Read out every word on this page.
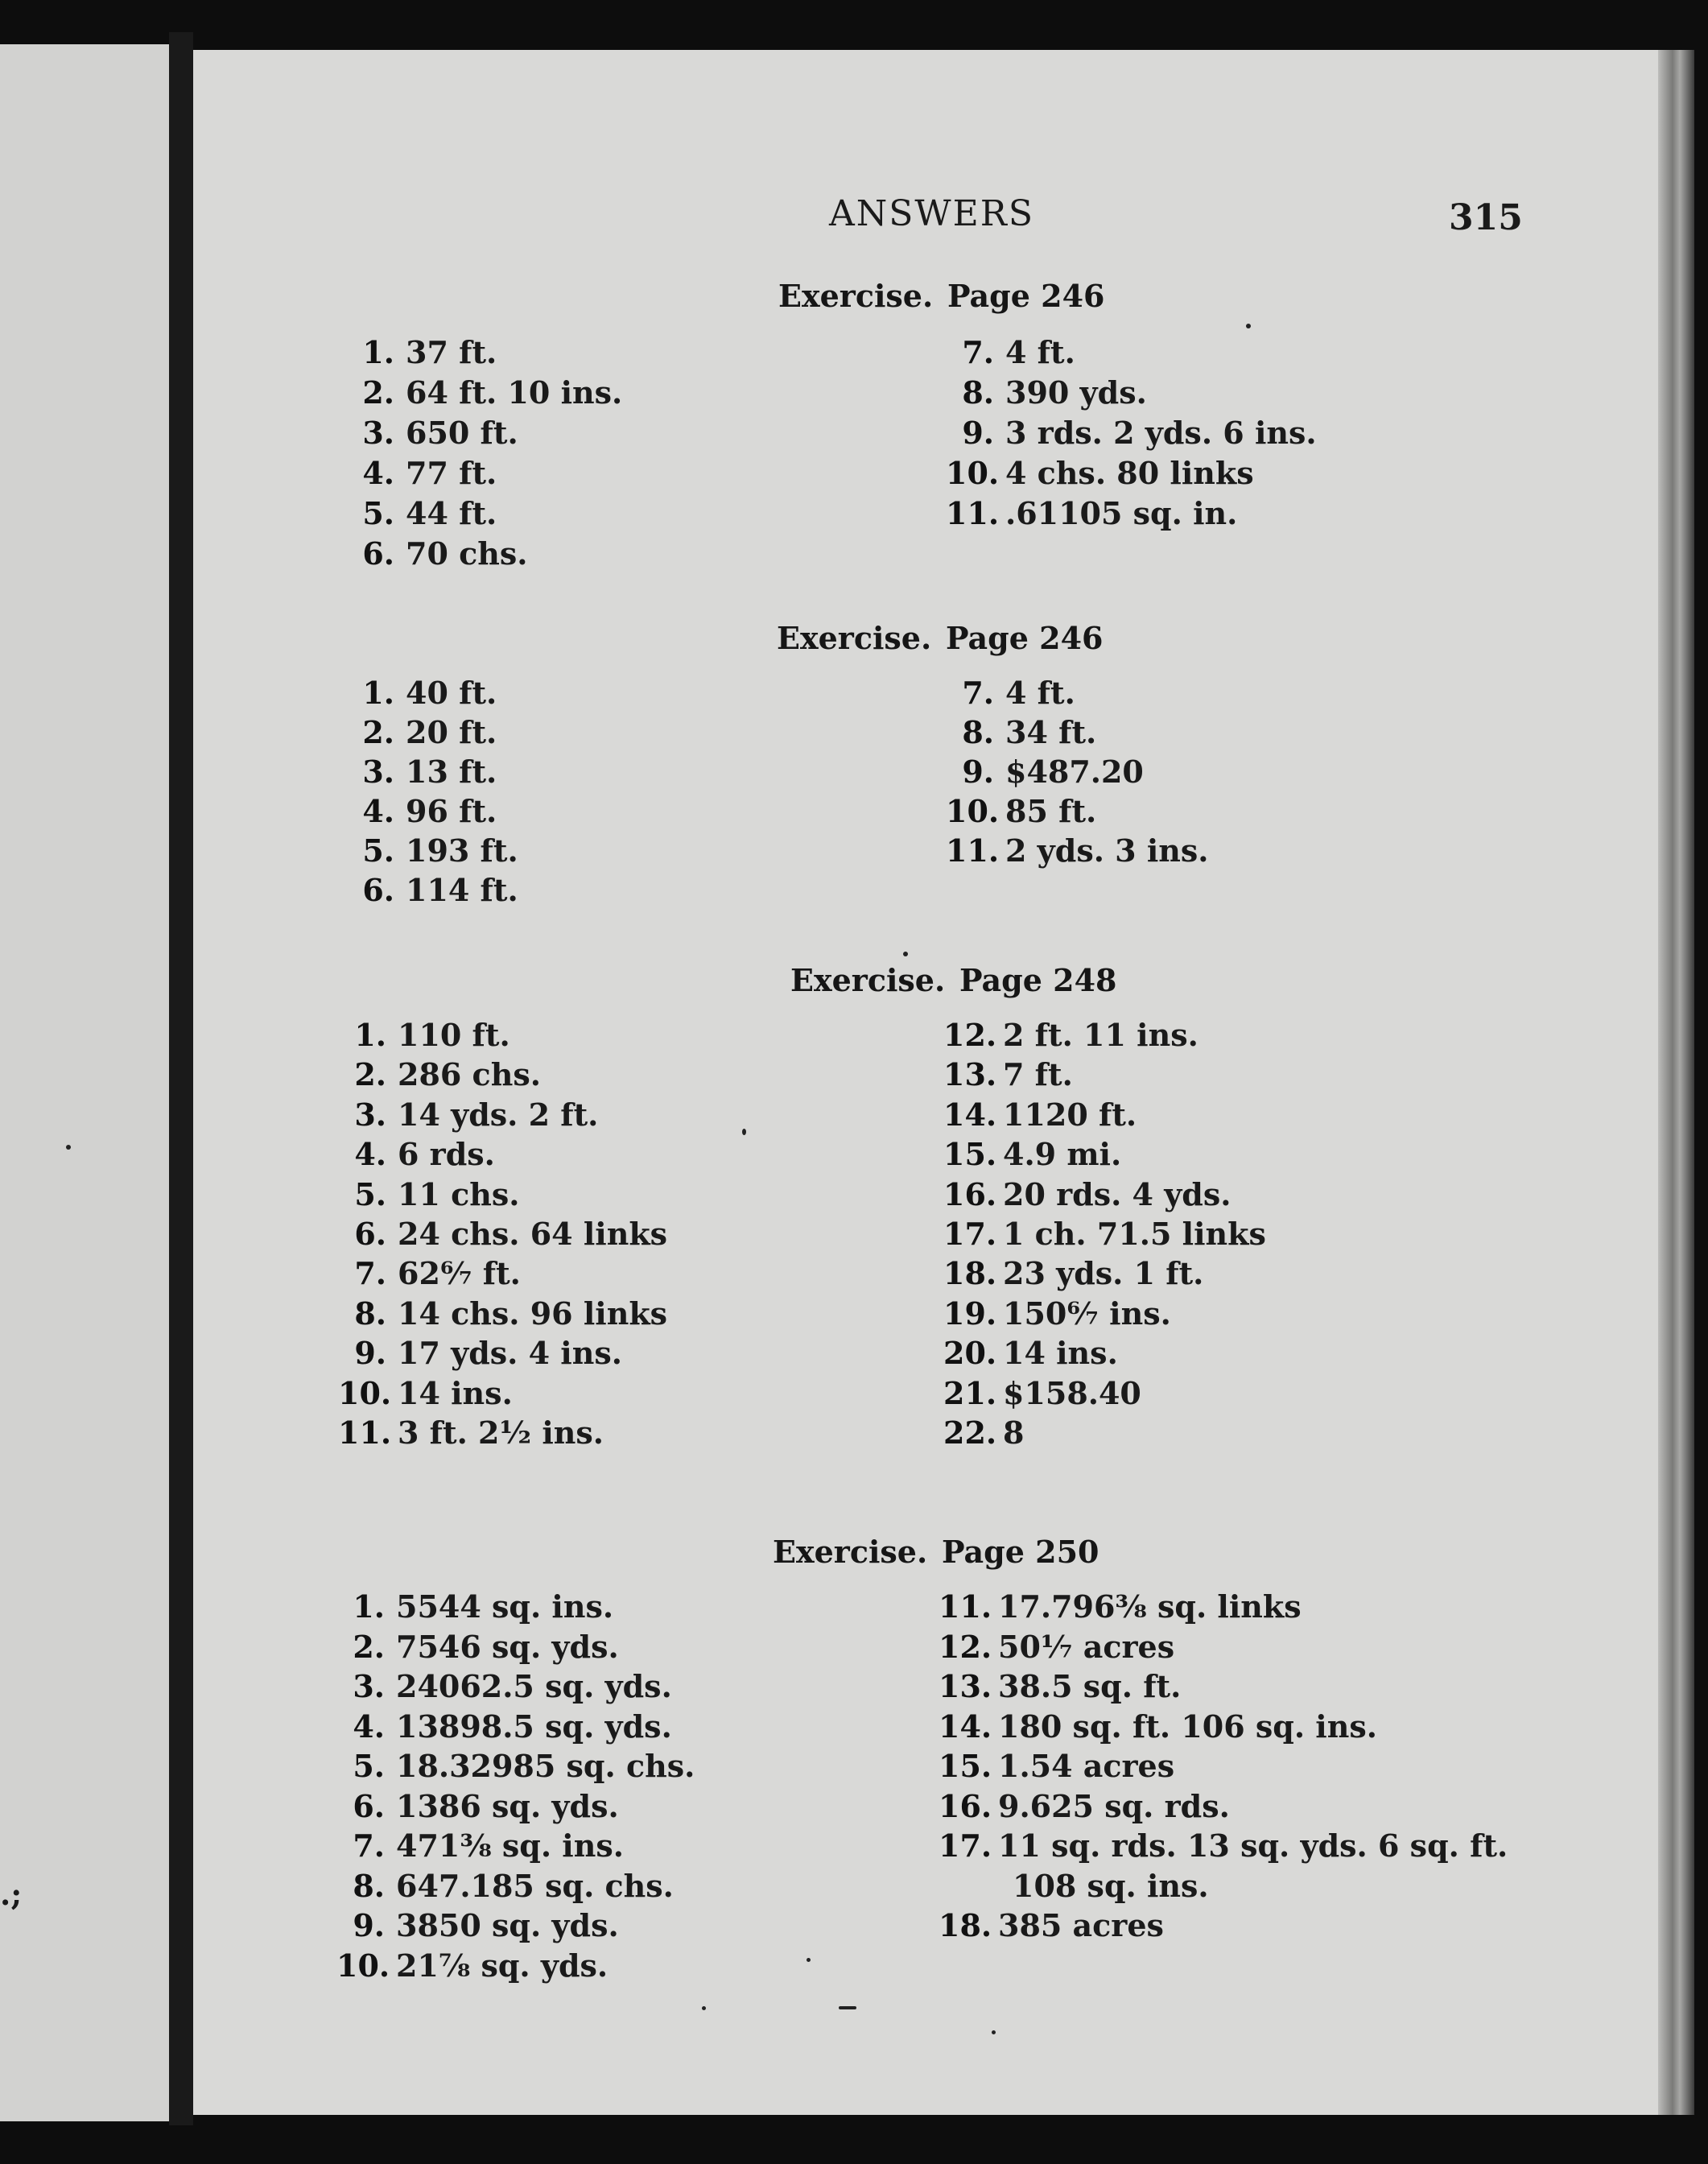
.;
ANSWERS	315
Exercise. Page 246
1. 37 ft.
2. 64 ft. 10 ins.
3. 650 ft.
4. 77 ft.
5. 44 ft.
6. 70 chs.
7. 4 ft.
8. 390 yds.
9. 3 rds. 2 yds. 6 ins.
10. 4 chs. 80 links
11. .61105 sq. in.
Exercise. Page 246
1. 40 ft.
2. 20 ft.
3. 13 ft.
4. 96 ft.
5. 193 ft.
6. 114 ft.
7. 4 ft.
8. 34 ft.
9. $487.20
10. 85 ft.
11. 2 yds. 3 ins.
Exercise. Page 248
1. 110 ft.
2. 286 chs.
3. 14 yds. 2 ft.
4. 6 rds.
5. 11 chs.
6. 24 chs. 64 links
7. 62⁶⁄₇ ft.
8. 14 chs. 96 links
9. 17 yds. 4 ins.
10. 14 ins.
11. 3 ft. 2½ ins.
12. 2 ft. 11 ins.
13. 7 ft.
14. 1120 ft.
15. 4.9 mi.
16. 20 rds. 4 yds.
17. 1 ch. 71.5 links
18. 23 yds. 1 ft.
19. 150⁶⁄₇ ins.
20. 14 ins.
21. $158.40
22. 8
Exercise. Page 250
1. 5544 sq. ins.
2. 7546 sq. yds.
3. 24062.5 sq. yds.
4. 13898.5 sq. yds.
5. 18.32985 sq. chs.
6. 1386 sq. yds.
7. 471⅜ sq. ins.
8. 647.185 sq. chs.
9. 3850 sq. yds.
10. 21⅞ sq. yds.
11. 17.796⅜ sq. links
12. 50¹⁄₇ acres
13. 38.5 sq. ft.
14. 180 sq. ft. 106 sq. ins.
15. 1.54 acres
16. 9.625 sq. rds.
17. 11 sq. rds. 13 sq. yds. 6 sq. ft.
108 sq. ins.
18. 385 acres
